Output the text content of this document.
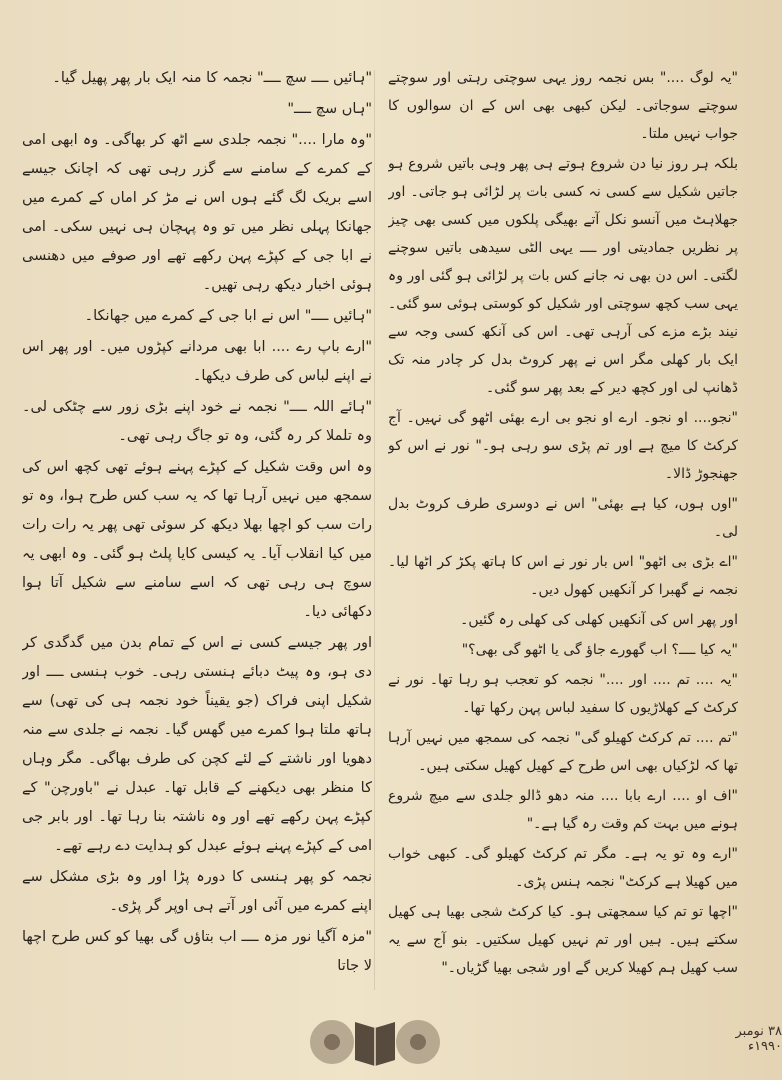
"یہ لوگ ...." بس نجمہ روز یہی سوچتی رہتی اور سوچتے سوچتے سوجاتی۔ لیکن کبھی بھی اس کے ان سوالوں کا جواب نہیں ملتا۔

بلکہ ہر روز نیا دن شروع ہوتے ہی پھر وہی باتیں شروع ہو جاتیں شکیل سے کسی نہ کسی بات پر لڑائی ہو جاتی۔ اور جھلاہٹ میں آنسو نکل آتے بھیگی پلکوں میں کسی بھی چیز پر نظریں جمادیتی اور ــــ یہی الٹی سیدھی باتیں سوچنے لگتی۔ اس دن بھی نہ جانے کس بات پر لڑائی ہو گئی اور وہ یہی سب کچھ سوچتی اور شکیل کو کوستی ہوئی سو گئی۔ نیند بڑے مزے کی آرہی تھی۔ اس کی آنکھ کسی وجہ سے ایک بار کھلی مگر اس نے پھر کروٹ بدل کر چادر منہ تک ڈھانپ لی اور کچھ دیر کے بعد پھر سو گئی۔

"نجو.... او نجو۔ ارے او نجو بی ارے بھئی اٹھو گی نہیں۔ آج کرکٹ کا میچ ہے اور تم پڑی سو رہی ہو۔" نور نے اس کو جھنجوڑ ڈالا۔

"اوں ہوں، کیا ہے بھئی" اس نے دوسری طرف کروٹ بدل لی۔

"اے بڑی بی اٹھو" اس بار نور نے اس کا ہاتھ پکڑ کر اٹھا لیا۔ نجمہ نے گھبرا کر آنکھیں کھول دیں۔

اور پھر اس کی آنکھیں کھلی کی کھلی رہ گئیں۔

"یہ کیا ــــ؟ اب گھورے جاؤ گی یا اٹھو گی بھی؟"

"یہ .... تم .... اور ...." نجمہ کو تعجب ہو رہا تھا۔ نور نے کرکٹ کے کھلاڑیوں کا سفید لباس پہن رکھا تھا۔

"تم .... تم کرکٹ کھیلو گی" نجمہ کی سمجھ میں نہیں آرہا تھا کہ لڑکیاں بھی اس طرح کے کھیل کھیل سکتی ہیں۔

"اف او .... ارے بابا .... منہ دھو ڈالو جلدی سے میچ شروع ہونے میں بہت کم وقت رہ گیا ہے۔"

"ارے وہ تو یہ ہے۔ مگر تم کرکٹ کھیلو گی۔ کبھی خواب میں کھیلا ہے کرکٹ" نجمہ ہنس پڑی۔

"اچھا تو تم کیا سمجھتی ہو۔ کیا کرکٹ شجی بھیا ہی کھیل سکتے ہیں۔ ہیں اور تم نہیں کھیل سکتیں۔ بنو آج سے یہ سب کھیل ہم کھیلا کریں گے اور شجی بھیا گڑیاں۔"

"ہائیں ــــ سچ ــــ" نجمہ کا منہ ایک بار پھر پھیل گیا۔

"ہاں سچ ــــ"

"وہ مارا ...." نجمہ جلدی سے اٹھ کر بھاگی۔ وہ ابھی امی کے کمرے کے سامنے سے گزر رہی تھی کہ اچانک جیسے اسے بریک لگ گئے ہوں اس نے مڑ کر اماں کے کمرے میں جھانکا پہلی نظر میں تو وہ پہچان ہی نہیں سکی۔ امی نے ابا جی کے کپڑے پہن رکھے تھے اور صوفے میں دھنسی ہوئی اخبار دیکھ رہی تھیں۔

"ہائیں ــــ" اس نے ابا جی کے کمرے میں جھانکا۔

"ارے باپ رے .... ابا بھی مردانے کپڑوں میں۔ اور پھر اس نے اپنے لباس کی طرف دیکھا۔

"ہائے اللہ ــــ" نجمہ نے خود اپنے بڑی زور سے چٹکی لی۔ وہ تلملا کر رہ گئی، وہ تو جاگ رہی تھی۔

وہ اس وقت شکیل کے کپڑے پہنے ہوئے تھی کچھ اس کی سمجھ میں نہیں آرہا تھا کہ یہ سب کس طرح ہوا، وہ تو رات سب کو اچھا بھلا دیکھ کر سوئی تھی پھر یہ رات رات میں کیا انقلاب آیا۔ یہ کیسی کایا پلٹ ہو گئی۔ وہ ابھی یہ سوچ ہی رہی تھی کہ اسے سامنے سے شکیل آتا ہوا دکھائی دیا۔

اور پھر جیسے کسی نے اس کے تمام بدن میں گدگدی کر دی ہو، وہ پیٹ دبائے ہنستی رہی۔ خوب ہنسی ــــ اور شکیل اپنی فراک (جو یقیناً خود نجمہ ہی کی تھی) سے ہاتھ ملتا ہوا کمرے میں گھس گیا۔ نجمہ نے جلدی سے منہ دھویا اور ناشتے کے لئے کچن کی طرف بھاگی۔ مگر وہاں کا منظر بھی دیکھنے کے قابل تھا۔ عبدل نے "باورچن" کے کپڑے پہن رکھے تھے اور وہ ناشتہ بنا رہا تھا۔ اور بابر جی امی کے کپڑے پہنے ہوئے عبدل کو ہدایت دے رہے تھے۔

نجمہ کو پھر ہنسی کا دورہ پڑا اور وہ بڑی مشکل سے اپنے کمرے میں آئی اور آتے ہی اوپر گر پڑی۔

"مزہ آگیا نور مزہ ــــ اب بتاؤں گی بھیا کو کس طرح اچھا لا جاتا

۳۸ نومبر ۱۹۹۰ء
